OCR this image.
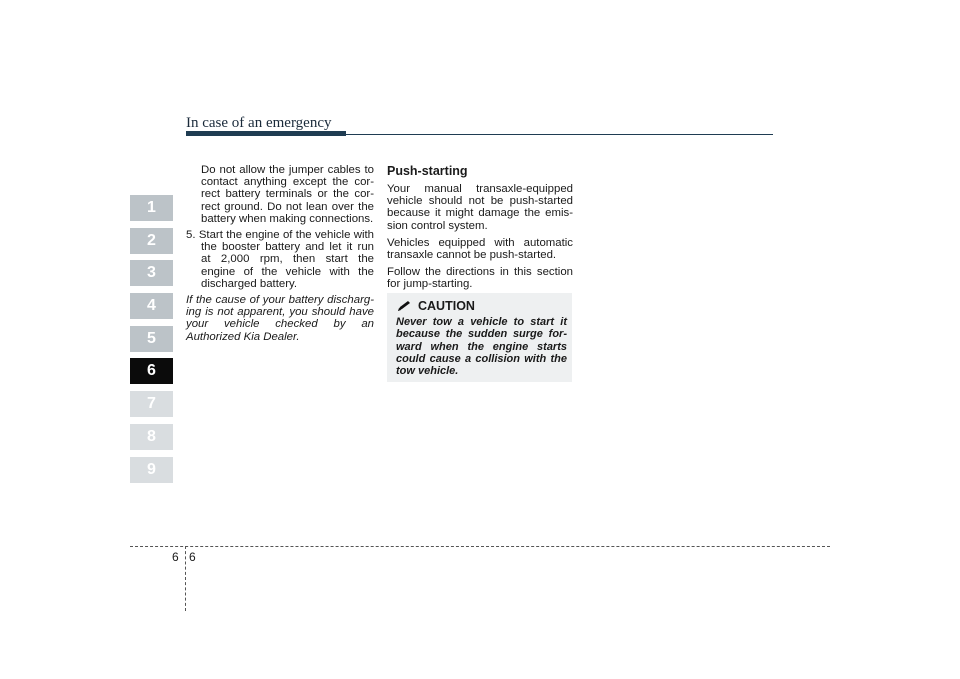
In case of an emergency
1
2
3
4
5
6
7
8
9

Do not allow the jumper cables to contact anything except the cor-rect battery terminals or the cor-rect ground. Do not lean over the battery when making connections.

5. Start the engine of the vehicle with the booster battery and let it run at 2,000 rpm, then start the engine of the vehicle with the discharged battery.

If the cause of your battery discharg-ing is not apparent, you should have your vehicle checked by an Authorized Kia Dealer.

Push-starting

Your manual transaxle-equipped vehicle should not be push-started because it might damage the emis-sion control system.

Vehicles equipped with automatic transaxle cannot be push-started.

Follow the directions in this section for jump-starting.

CAUTION
Never tow a vehicle to start it because the sudden surge for-ward when the engine starts could cause a collision with the tow vehicle.
6 6
